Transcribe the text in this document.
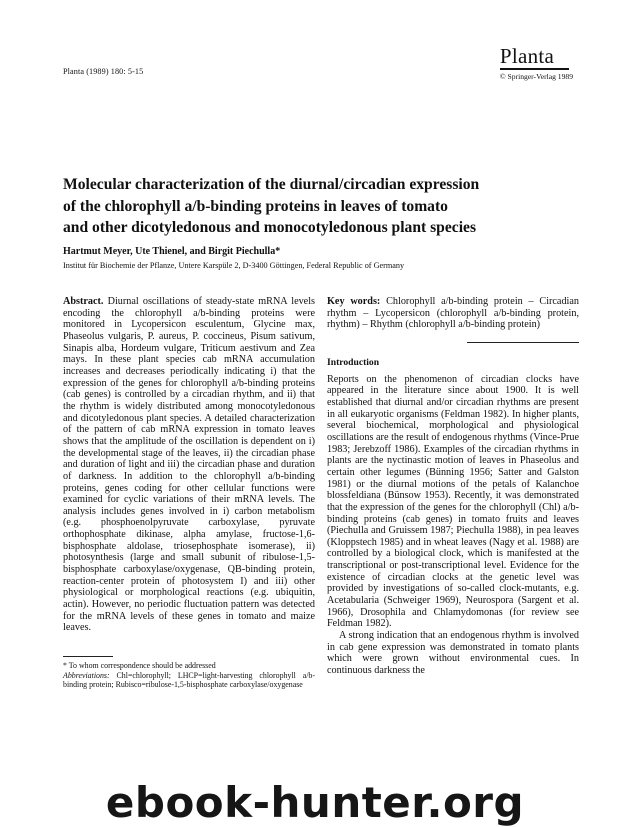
Planta (1989) 180: 5-15
Planta
© Springer-Verlag 1989
Molecular characterization of the diurnal/circadian expression
of the chlorophyll a/b-binding proteins in leaves of tomato
and other dicotyledonous and monocotyledonous plant species
Hartmut Meyer, Ute Thienel, and Birgit Piechulla*
Institut für Biochemie der Pflanze, Untere Karspüle 2, D-3400 Göttingen, Federal Republic of Germany

Abstract. Diurnal oscillations of steady-state mRNA levels encoding the chlorophyll a/b-binding proteins were monitored in Lycopersicon esculentum, Glycine max, Phaseolus vulgaris, P. aureus, P. coccineus, Pisum sativum, Sinapis alba, Hordeum vulgare, Triticum aestivum and Zea mays. In these plant species cab mRNA accumulation increases and decreases periodically indicating i) that the expression of the genes for chlorophyll a/b-binding proteins (cab genes) is controlled by a circadian rhythm, and ii) that the rhythm is widely distributed among monocotyledonous and dicotyledonous plant species. A detailed characterization of the pattern of cab mRNA expression in tomato leaves shows that the amplitude of the oscillation is dependent on i) the developmental stage of the leaves, ii) the circadian phase and duration of light and iii) the circadian phase and duration of darkness. In addition to the chlorophyll a/b-binding proteins, genes coding for other cellular functions were examined for cyclic variations of their mRNA levels. The analysis includes genes involved in i) carbon metabolism (e.g. phosphoenolpyruvate carboxylase, pyruvate orthophosphate dikinase, alpha amylase, fructose-1,6-bisphosphate aldolase, triosephosphate isomerase), ii) photosynthesis (large and small subunit of ribulose-1,5-bisphosphate carboxylase/oxygenase, QB-binding protein, reaction-center protein of photosystem I) and iii) other physiological or morphological reactions (e.g. ubiquitin, actin). However, no periodic fluctuation pattern was detected for the mRNA levels of these genes in tomato and maize leaves.

Key words: Chlorophyll a/b-binding protein – Circadian rhythm – Lycopersicon (chlorophyll a/b-binding protein, rhythm) – Rhythm (chlorophyll a/b-binding protein)

Introduction

Reports on the phenomenon of circadian clocks have appeared in the literature since about 1900. It is well established that diurnal and/or circadian rhythms are present in all eukaryotic organisms (Feldman 1982). In higher plants, several biochemical, morphological and physiological oscillations are the result of endogenous rhythms (Vince-Prue 1983; Jerebzoff 1986). Examples of the circadian rhythms in plants are the nyctinastic motion of leaves in Phaseolus and certain other legumes (Bünning 1956; Satter and Galston 1981) or the diurnal motions of the petals of Kalanchoe blossfeldiana (Bünsow 1953). Recently, it was demonstrated that the expression of the genes for the chlorophyll (Chl) a/b-binding proteins (cab genes) in tomato fruits and leaves (Piechulla and Gruissem 1987; Piechulla 1988), in pea leaves (Kloppstech 1985) and in wheat leaves (Nagy et al. 1988) are controlled by a biological clock, which is manifested at the transcriptional or post-transcriptional level. Evidence for the existence of circadian clocks at the genetic level was provided by investigations of so-called clock-mutants, e.g. Acetabularia (Schweiger 1969), Neurospora (Sargent et al. 1966), Drosophila and Chlamydomonas (for review see Feldman 1982).

A strong indication that an endogenous rhythm is involved in cab gene expression was demonstrated in tomato plants which were grown without environmental cues. In continuous darkness the

* To whom correspondence should be addressed

Abbreviations: Chl=chlorophyll; LHCP=light-harvesting chlorophyll a/b-binding protein; Rubisco=ribulose-1,5-bisphosphate carboxylase/oxygenase

ebook-hunter.org
